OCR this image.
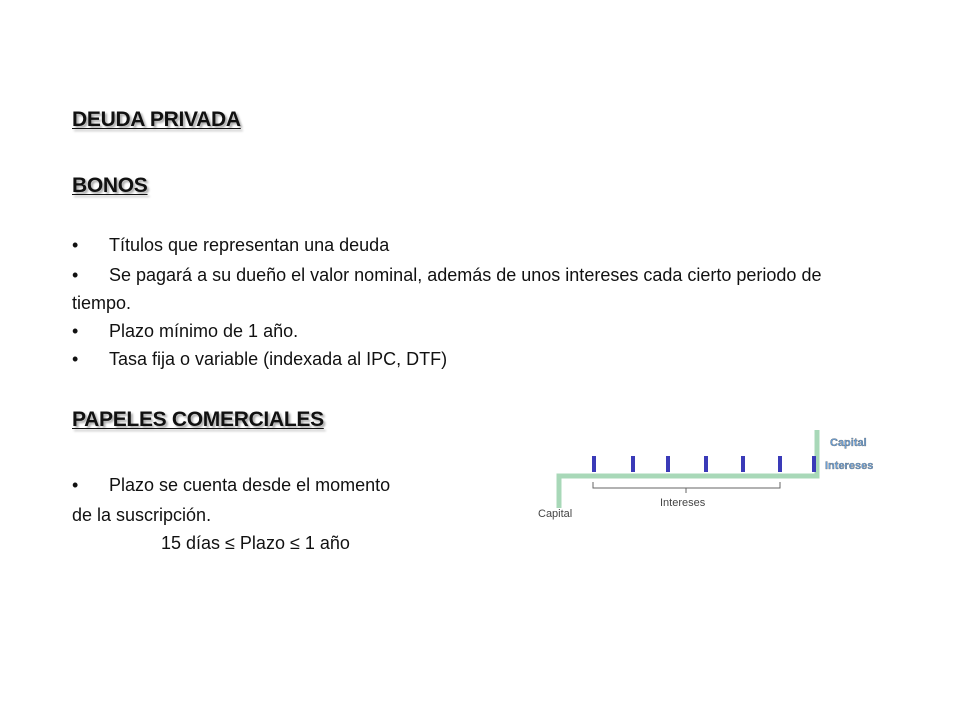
DEUDA PRIVADA
BONOS

• Títulos que representan una deuda

• Se pagará a su dueño el valor nominal, además de unos intereses cada cierto periodo de

tiempo.

• Plazo mínimo de 1 año.

• Tasa fija o variable (indexada al IPC, DTF)

PAPELES COMERCIALES

• Plazo se cuenta desde el momento

de la suscripción.

15 días ≤ Plazo ≤ 1 año

Intereses
Capital
Capital
Intereses
